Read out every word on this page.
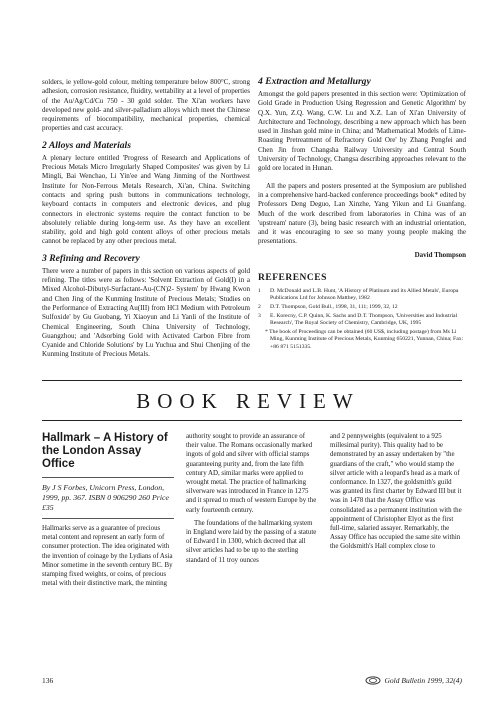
solders, ie yellow-gold colour, melting temperature below 800°C, strong adhesion, corrosion resistance, fluidity, wettability at a level of properties of the Au/Ag/Cd/Cu 750 - 30 gold solder. The Xi'an workers have developed new gold- and silver-palladium alloys which meet the Chinese requirements of biocompatibility, mechanical properties, chemical properties and cast accuracy.

2 Alloys and Materials

A plenary lecture entitled 'Progress of Research and Applications of Precious Metals Micro Irregularly Shaped Composites' was given by Li Mingli, Bai Wenchao, Li Yin'ee and Wang Jinming of the Northwest Institute for Non-Ferrous Metals Research, Xi'an, China. Switching contacts and spring push buttons in communications technology, keyboard contacts in computers and electronic devices, and plug connectors in electronic systems require the contact function to be absolutely reliable during long-term use. As they have an excellent stability, gold and high gold content alloys of other precious metals cannot be replaced by any other precious metal.

3 Refining and Recovery

There were a number of papers in this section on various aspects of gold refining. The titles were as follows: 'Solvent Extraction of Gold(I) in a Mixed Alcohol-Dibutyl-Surfactant-Au-(CN)2- System' by Hwang Kwon and Chen Jing of the Kunming Institute of Precious Metals; 'Studies on the Performance of Extracting Au(III) from HCl Medium with Petroleum Sulfoxide' by Gu Guobang, Yi Xiaoyun and Li Yanli of the Institute of Chemical Engineering, South China University of Technology, Guangzhou; and 'Adsorbing Gold with Activated Carbon Fibre from Cyanide and Chloride Solutions' by Lu Yuchua and Shui Chenjing of the Kunming Institute of Precious Metals.

4 Extraction and Metallurgy

Amongst the gold papers presented in this section were: 'Optimization of Gold Grade in Production Using Regression and Genetic Algorithm' by Q.X. Yun, Z.Q. Wang, C.W. Lu and X.Z. Lan of Xi'an University of Architecture and Technology, describing a new approach which has been used in Jinshan gold mine in China; and 'Mathematical Models of Lime-Roasting Pretreatment of Refractory Gold Ore' by Zhang Pengfei and Chen Jin from Changsha Railway University and Central South University of Technology, Changsa describing approaches relevant to the gold ore located in Hunan.

All the papers and posters presented at the Symposium are published in a comprehensive hard-backed conference proceedings book* edited by Professors Deng Deguo, Lan Xinzhe, Yang Yikun and Li Guanfang. Much of the work described from laboratories in China was of an 'upstream' nature (3), being basic research with an industrial orientation, and it was encouraging to see so many young people making the presentations.

David Thompson
REFERENCES
1	D. McDonald and L.B. Hunt, 'A History of Platinum and its Allied Metals', Europa Publications Ltd for Johnson Matthey, 1982
2	D.T. Thompson, Gold Bull., 1998, 31, 111; 1999, 32, 12
3	E. Korecny, C.P. Quinn, K. Sachs and D.T. Thompson, 'Universities and Industrial Research', The Royal Society of Chemistry, Cambridge, UK, 1995
* The book of Proceedings can be obtained (60 US$, including postage) from Ms Li Ming, Kunming Institute of Precious Metals, Kunming 650221, Yunnan, China; Fax: +86 871 5151335.
BOOK REVIEW
Hallmark – A History of the London Assay Office
By J S Forbes, Unicorn Press, London, 1999, pp. 367. ISBN 0 906290 260 Price £35

Hallmarks serve as a guarantee of precious metal content and represent an early form of consumer protection. The idea originated with the invention of coinage by the Lydians of Asia Minor sometime in the seventh century BC. By stamping fixed weights, or coins, of precious metal with their distinctive mark, the minting

authority sought to provide an assurance of their value. The Romans occasionally marked ingots of gold and silver with official stamps guaranteeing purity and, from the late fifth century AD, similar marks were applied to wrought metal. The practice of hallmarking silverware was introduced in France in 1275 and it spread to much of western Europe by the early fourteenth century.

The foundations of the hallmarking system in England were laid by the passing of a statute of Edward I in 1300, which decreed that all silver articles had to be up to the sterling standard of 11 troy ounces

and 2 pennyweights (equivalent to a 925 millesimal purity). This quality had to be demonstrated by an assay undertaken by "the guardians of the craft," who would stamp the silver article with a leopard's head as a mark of conformance. In 1327, the goldsmith's guild was granted its first charter by Edward III but it was in 1478 that the Assay Office was consolidated as a permanent institution with the appointment of Christopher Elyot as the first full-time, salaried assayer. Remarkably, the Assay Office has occupied the same site within the Goldsmith's Hall complex close to

136	Gold Bulletin 1999, 32(4)
